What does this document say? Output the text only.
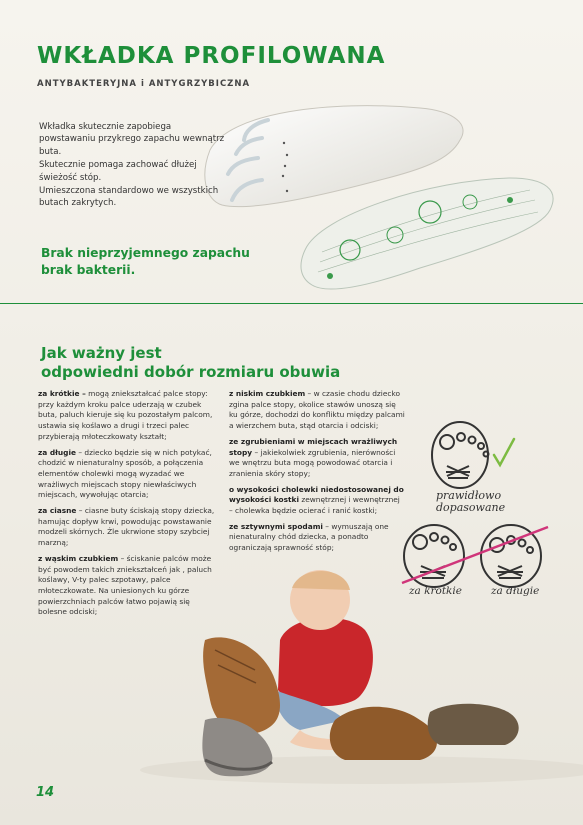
WKŁADKA PROFILOWANA
ANTYBAKTERYJNA i ANTYGRZYBICZNA

Wkładka skutecznie zapobiega powstawaniu przykrego zapachu wewnątrz buta.

Skutecznie pomaga zachować dłużej świeżość stóp.

Umieszczona standardowo we wszystkich butach zakrytych.

Brak nieprzyjemnego zapachu
brak bakterii.
Jak ważny jest
odpowiedni dobór rozmiaru obuwia

za krótkie – mogą zniekształcać palce stopy: przy każdym kroku palce uderzają w czubek buta, paluch kieruje się ku pozostałym palcom, ustawia się koślawo a drugi i trzeci palec przybierają młoteczkowaty kształt;

za długie – dziecko będzie się w nich potykać, chodzić w nienaturalny sposób, a połączenia elementów cholewki mogą wyzadać we wrażliwych miejscach stopy niewłaściwych miejscach, wywołując otarcia;

za ciasne – ciasne buty ściskają stopy dziecka, hamując dopływ krwi, powodując powstawanie modzeli skórnych. Źle ukrwione stopy szybciej marzną;

z wąskim czubkiem – ściskanie palców może być powodem takich zniekształceń jak , paluch koślawy, V-ty palec szpotawy, palce młoteczkowate. Na uniesionych ku górze powierzchniach palców łatwo pojawią się bolesne odciski;

z niskim czubkiem – w czasie chodu dziecko zgina palce stopy, okolice stawów unoszą się ku górze, dochodzi do konfliktu między palcami a wierzchem buta, stąd otarcia i odciski;

ze zgrubieniami w miejscach wrażliwych stopy – jakiekolwiek zgrubienia, nierówności we wnętrzu buta mogą powodować otarcia i zranienia skóry stopy;

o wysokości cholewki niedostosowanej do wysokości kostki zewnętrznej i wewnętrznej – cholewka będzie ocierać i ranić kostki;

ze sztywnymi spodami – wymuszają one nienaturalny chód dziecka, a ponadto ograniczają sprawność stóp;

prawidłowo
dopasowane
za krótkie	za długie
14
